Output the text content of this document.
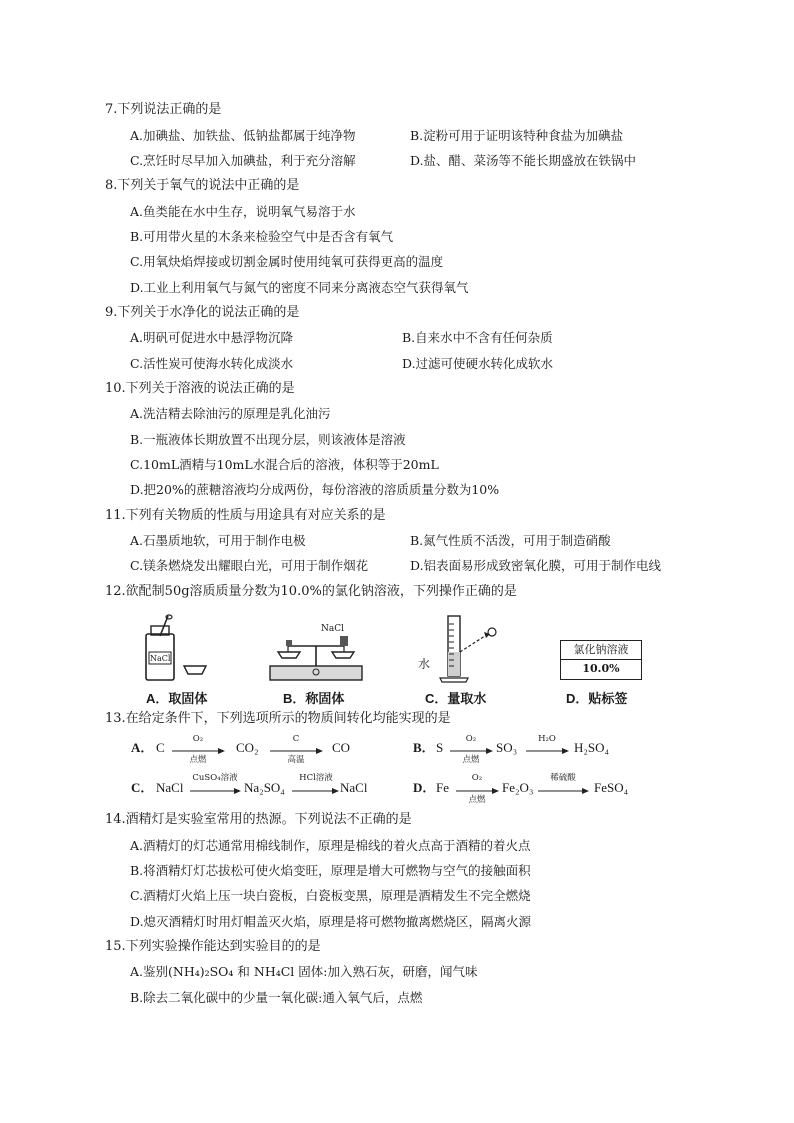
7.下列说法正确的是
A.加碘盐、加铁盐、低钠盐都属于纯净物	B.淀粉可用于证明该特种食盐为加碘盐
C.烹饪时尽早加入加碘盐，利于充分溶解	D.盐、醋、菜汤等不能长期盛放在铁锅中
8.下列关于氧气的说法中正确的是
A.鱼类能在水中生存，说明氧气易溶于水
B.可用带火星的木条来检验空气中是否含有氧气
C.用氧炔焰焊接或切割金属时使用纯氧可获得更高的温度
D.工业上利用氧气与氮气的密度不同来分离液态空气获得氧气
9.下列关于水净化的说法正确的是
A.明矾可促进水中悬浮物沉降	B.自来水中不含有任何杂质
C.活性炭可使海水转化成淡水	D.过滤可使硬水转化成软水
10.下列关于溶液的说法正确的是
A.洗洁精去除油污的原理是乳化油污
B.一瓶液体长期放置不出现分层，则该液体是溶液
C.10mL酒精与10mL水混合后的溶液，体积等于20mL
D.把20%的蔗糖溶液均分成两份，每份溶液的溶质质量分数为10%
11.下列有关物质的性质与用途具有对应关系的是
A.石墨质地软，可用于制作电极	B.氮气性质不活泼，可用于制造硝酸
C.镁条燃烧发出耀眼白光，可用于制作烟花	D.铝表面易形成致密氧化膜，可用于制作电线
12.欲配制50g溶质质量分数为10.0%的氯化钠溶液，下列操作正确的是
NaCl
NaCl
水
氯化钠溶液
10.0%
A．取固体	B．称固体	C．量取水	D．贴标签
13.在给定条件下，下列选项所示的物质间转化均能实现的是
A． C
O₂
点燃
CO₂
C
高温
CO	B． S
O₂
点燃
SO₃
H₂O
H₂SO₄
C． NaCl
CuSO₄溶液
Na₂SO₄
HCl溶液
NaCl	D． Fe
O₂
点燃
Fe₂O₃
稀硫酸
FeSO₄
14.酒精灯是实验室常用的热源。下列说法不正确的是
A.酒精灯的灯芯通常用棉线制作，原理是棉线的着火点高于酒精的着火点
B.将酒精灯灯芯拔松可使火焰变旺，原理是增大可燃物与空气的接触面积
C.酒精灯火焰上压一块白瓷板，白瓷板变黑，原理是酒精发生不完全燃烧
D.熄灭酒精灯时用灯帽盖灭火焰，原理是将可燃物撤离燃烧区，隔离火源
15.下列实验操作能达到实验目的的是
A.鉴别(NH₄)₂SO₄ 和 NH₄Cl 固体:加入熟石灰，研磨，闻气味
B.除去二氧化碳中的少量一氧化碳:通入氧气后，点燃
